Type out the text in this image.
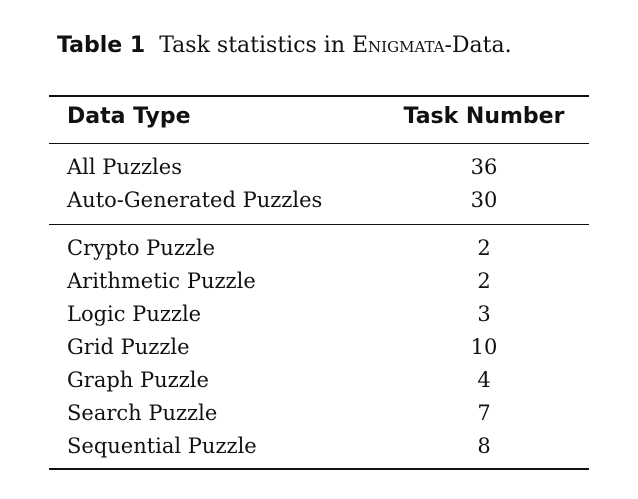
Table 1 Task statistics in Enigmata-Data.
Data Type	Task Number
All Puzzles	36
Auto-Generated Puzzles	30
Crypto Puzzle	2
Arithmetic Puzzle	2
Logic Puzzle	3
Grid Puzzle	10
Graph Puzzle	4
Search Puzzle	7
Sequential Puzzle	8
